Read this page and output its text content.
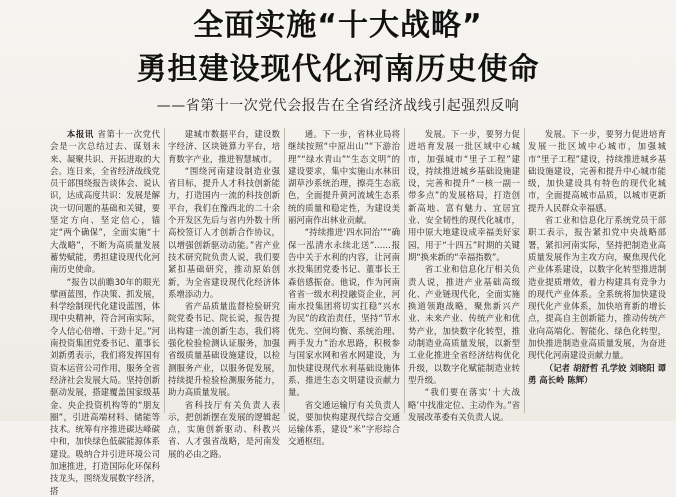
全面实施“十大战略”
勇担建设现代化河南历史使命
——省第十一次党代会报告在全省经济战线引起强烈反响

本报讯 省第十一次党代会是一次总结过去、谋划未来、凝聚共识、开拓进取的大会。连日来，全省经济战线党员干部围绕报告谈体会、说认识，达成高度共识：发展是解决一切问题的基础和关键，要坚定方向、坚定信心，锚定“两个确保”，全面实施“十大战略”，不断为高质量发展蓄势赋能，勇担建设现代化河南历史使命。

“报告以前瞻30年的眼光擘画蓝图，作决策、抓发展，科学绘制现代化建设蓝图，体现中央精神，符合河南实际，令人信心倍增、干劲十足。”河南投资集团党委书记、董事长刘新勇表示，我们将发挥国有资本运营公司作用，服务全省经济社会发展大局。坚持创新驱动发展，搭建覆盖国家级基金、央企投资机构等的“朋友圈”，引进高端材料、储能等技术。统筹有序推进碳达峰碳中和，加快绿色低碳能源体系建设。吸纳合并引进环境公司加速推进，打造国际化环保科技龙头，围绕发展数字经济，搭

建城市数据平台，建设数字经济、区块链算力平台，培育数字产业，推进智慧城市。

“围绕河南建设制造业强省目标，提升人才科技创新能力，打造国内一流的科技创新平台，我们在豫西北的二十余个开发区先后与省内外数十所高校签订人才创新合作协议，以增强创新驱动动能。”省产业技术研究院负责人说，我们要紧扣基础研究，推动原始创新，为全省建设现代化经济体系增添动力。

省产品质量监督检验研究院党委书记、院长说，报告提出构建一流创新生态，我们将强化检验检测认证服务，加强省级质量基础设施建设，以检测服务产业，以服务促发展，持续提升检验检测服务能力，助力高质量发展。

省科技厅有关负责人表示，把创新摆在发展的逻辑起点，实施创新驱动、科教兴省、人才强省战略，是河南发展的必由之路。

通。下一步，省林业局将继续按照“中原出山”“下游治理”“绿水青山”“生态文明”的建设要求，集中实施山水林田湖草沙系统治理，擦亮生态底色，全面提升黄河流域生态系统的质量和稳定性，为建设美丽河南作出林业贡献。

“持续推进‘四水同治’”“确保一泓清水永续北送”……报告中关于水利的内容，让河南水投集团党委书记、董事长王森倍感振奋。他说，作为河南省省一级水利投融资企业，河南水投集团将切实扛稳“兴水为民”的政治责任，坚持“节水优先、空间均衡、系统治理、两手发力”治水思路，积极参与国家水网和省水网建设，为加快建设现代水利基础设施体系、推进生态文明建设贡献力量。

省交通运输厅有关负责人说，要加快构建现代综合交通运输体系，建设“米”字形综合交通枢纽。

发展。下一步，要努力促进培育发展一批区域中心城市，加强城市“里子工程”建设，持续推进城乡基础设施建设，完善和提升“一核一副一带多点”的发展格局，打造创新高地、富有魅力、宜居宜业、安全韧性的现代化城市，用中原大地建设成幸福美好家园，用于“十四五”时期的关键期“换来新的“幸福指数”。

省工业和信息化厅相关负责人说，推进产业基础高级化、产业链现代化，全面实施换道领跑战略，聚焦新兴产业、未来产业、传统产业和优势产业，加快数字化转型，推动制造业高质量发展，以新型工业化推进全省经济结构优化升级，以数字化赋能制造业转型升级。

“我们要在落实‘十大战略’中找准定位、主动作为。”省发展改革委有关负责人说。

发展。下一步，要努力促进培育发展一批区域中心城市，加强城市“里子工程”建设，持续推进城乡基础设施建设，完善和提升中心城市能级，加快建设具有特色的现代化城市，全面提高城市品质，以城市更新提升人民群众幸福感。

省工业和信息化厅系统党员干部职工表示，报告紧扣党中央战略部署，紧扣河南实际，坚持把制造业高质量发展作为主攻方向，聚焦现代化产业体系建设，以数字化转型推进制造业提质增效，着力构建具有竞争力的现代产业体系。全系统将加快建设现代化产业体系，加快培育新的增长点，提高自主创新能力，推动传统产业向高端化、智能化、绿色化转型，加快推进制造业高质量发展，为奋进现代化河南建设贡献力量。

（记者 胡舒哲 孔学姣 刘晓阳 谭勇 高长岭 陈辉）
